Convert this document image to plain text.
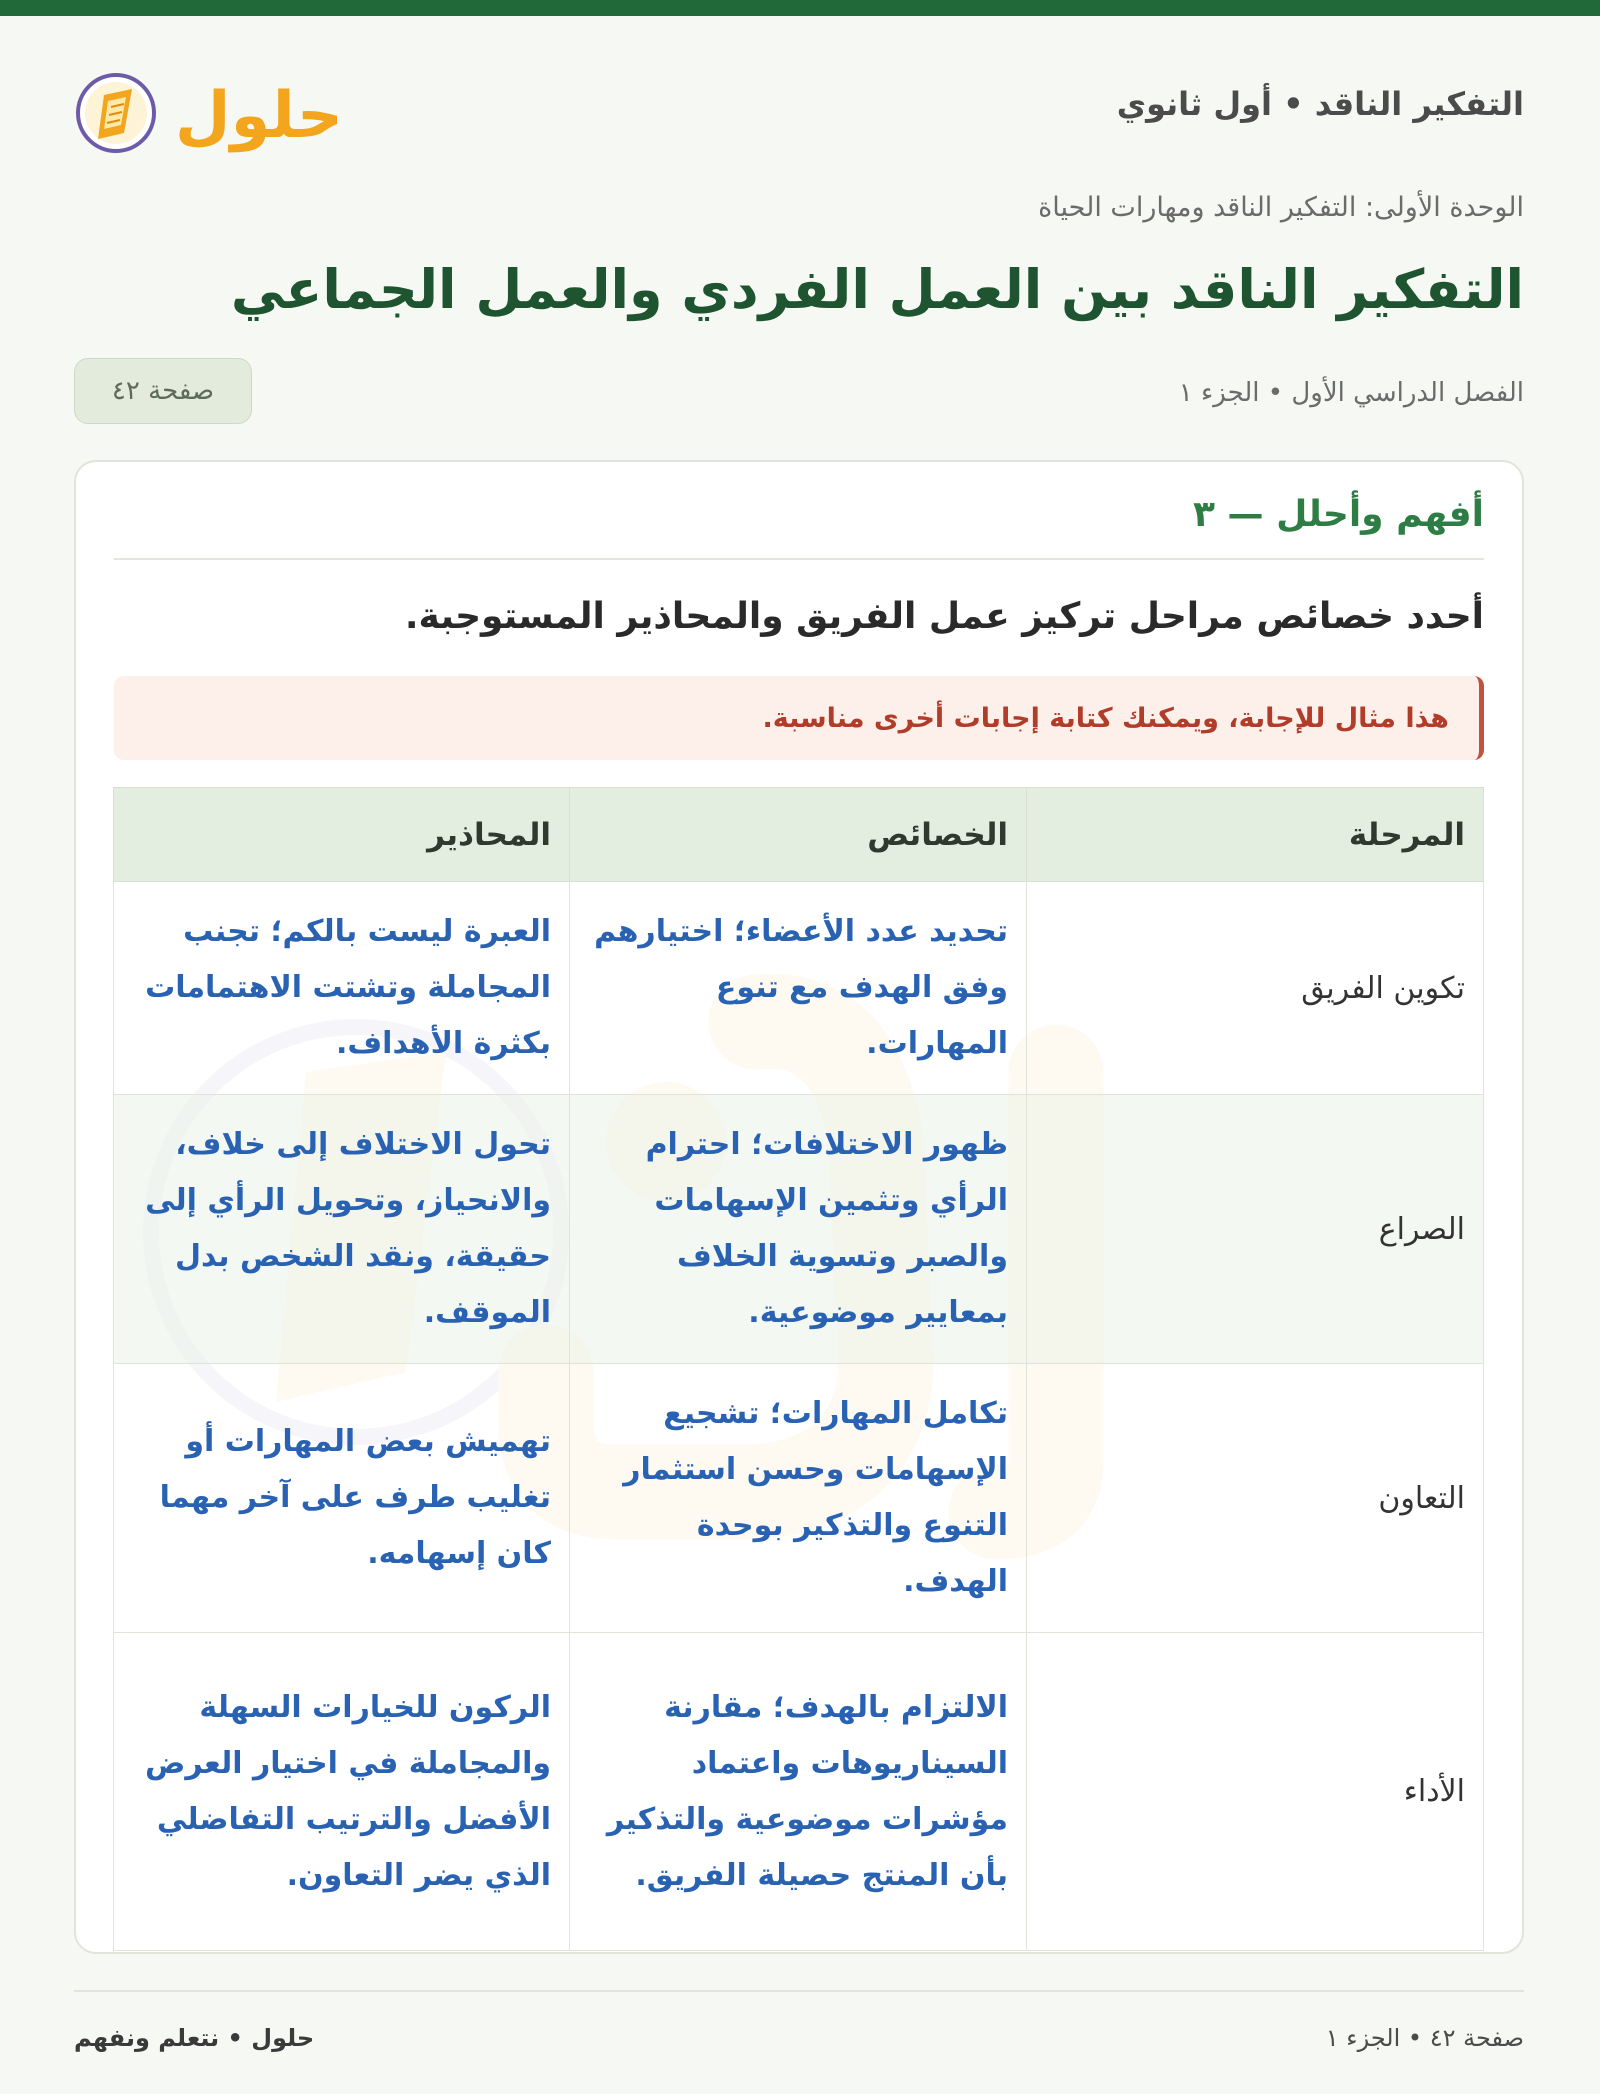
التفكير الناقد • أول ثانوي
حلول
الوحدة الأولى: التفكير الناقد ومهارات الحياة
التفكير الناقد بين العمل الفردي والعمل الجماعي
الفصل الدراسي الأول • الجزء ١
صفحة ٤٢
أفهم وأحلل — ٣
أحدد خصائص مراحل تركيز عمل الفريق والمحاذير المستوجبة.
هذا مثال للإجابة، ويمكنك كتابة إجابات أخرى مناسبة.
المرحلة	الخصائص	المحاذير
تكوين الفريق	تحديد عدد الأعضاء؛ اختيارهم وفق الهدف مع تنوع المهارات.	العبرة ليست بالكم؛ تجنب المجاملة وتشتت الاهتمامات بكثرة الأهداف.
الصراع	ظهور الاختلافات؛ احترام الرأي وتثمين الإسهامات والصبر وتسوية الخلاف بمعايير موضوعية.	تحول الاختلاف إلى خلاف، والانحياز، وتحويل الرأي إلى حقيقة، ونقد الشخص بدل الموقف.
التعاون	تكامل المهارات؛ تشجيع الإسهامات وحسن استثمار التنوع والتذكير بوحدة الهدف.	تهميش بعض المهارات أو تغليب طرف على آخر مهما كان إسهامه.
الأداء	الالتزام بالهدف؛ مقارنة السيناريوهات واعتماد مؤشرات موضوعية والتذكير بأن المنتج حصيلة الفريق.	الركون للخيارات السهلة والمجاملة في اختيار العرض الأفضل والترتيب التفاضلي الذي يضر التعاون.
صفحة ٤٢ • الجزء ١
حلول • نتعلم ونفهم
